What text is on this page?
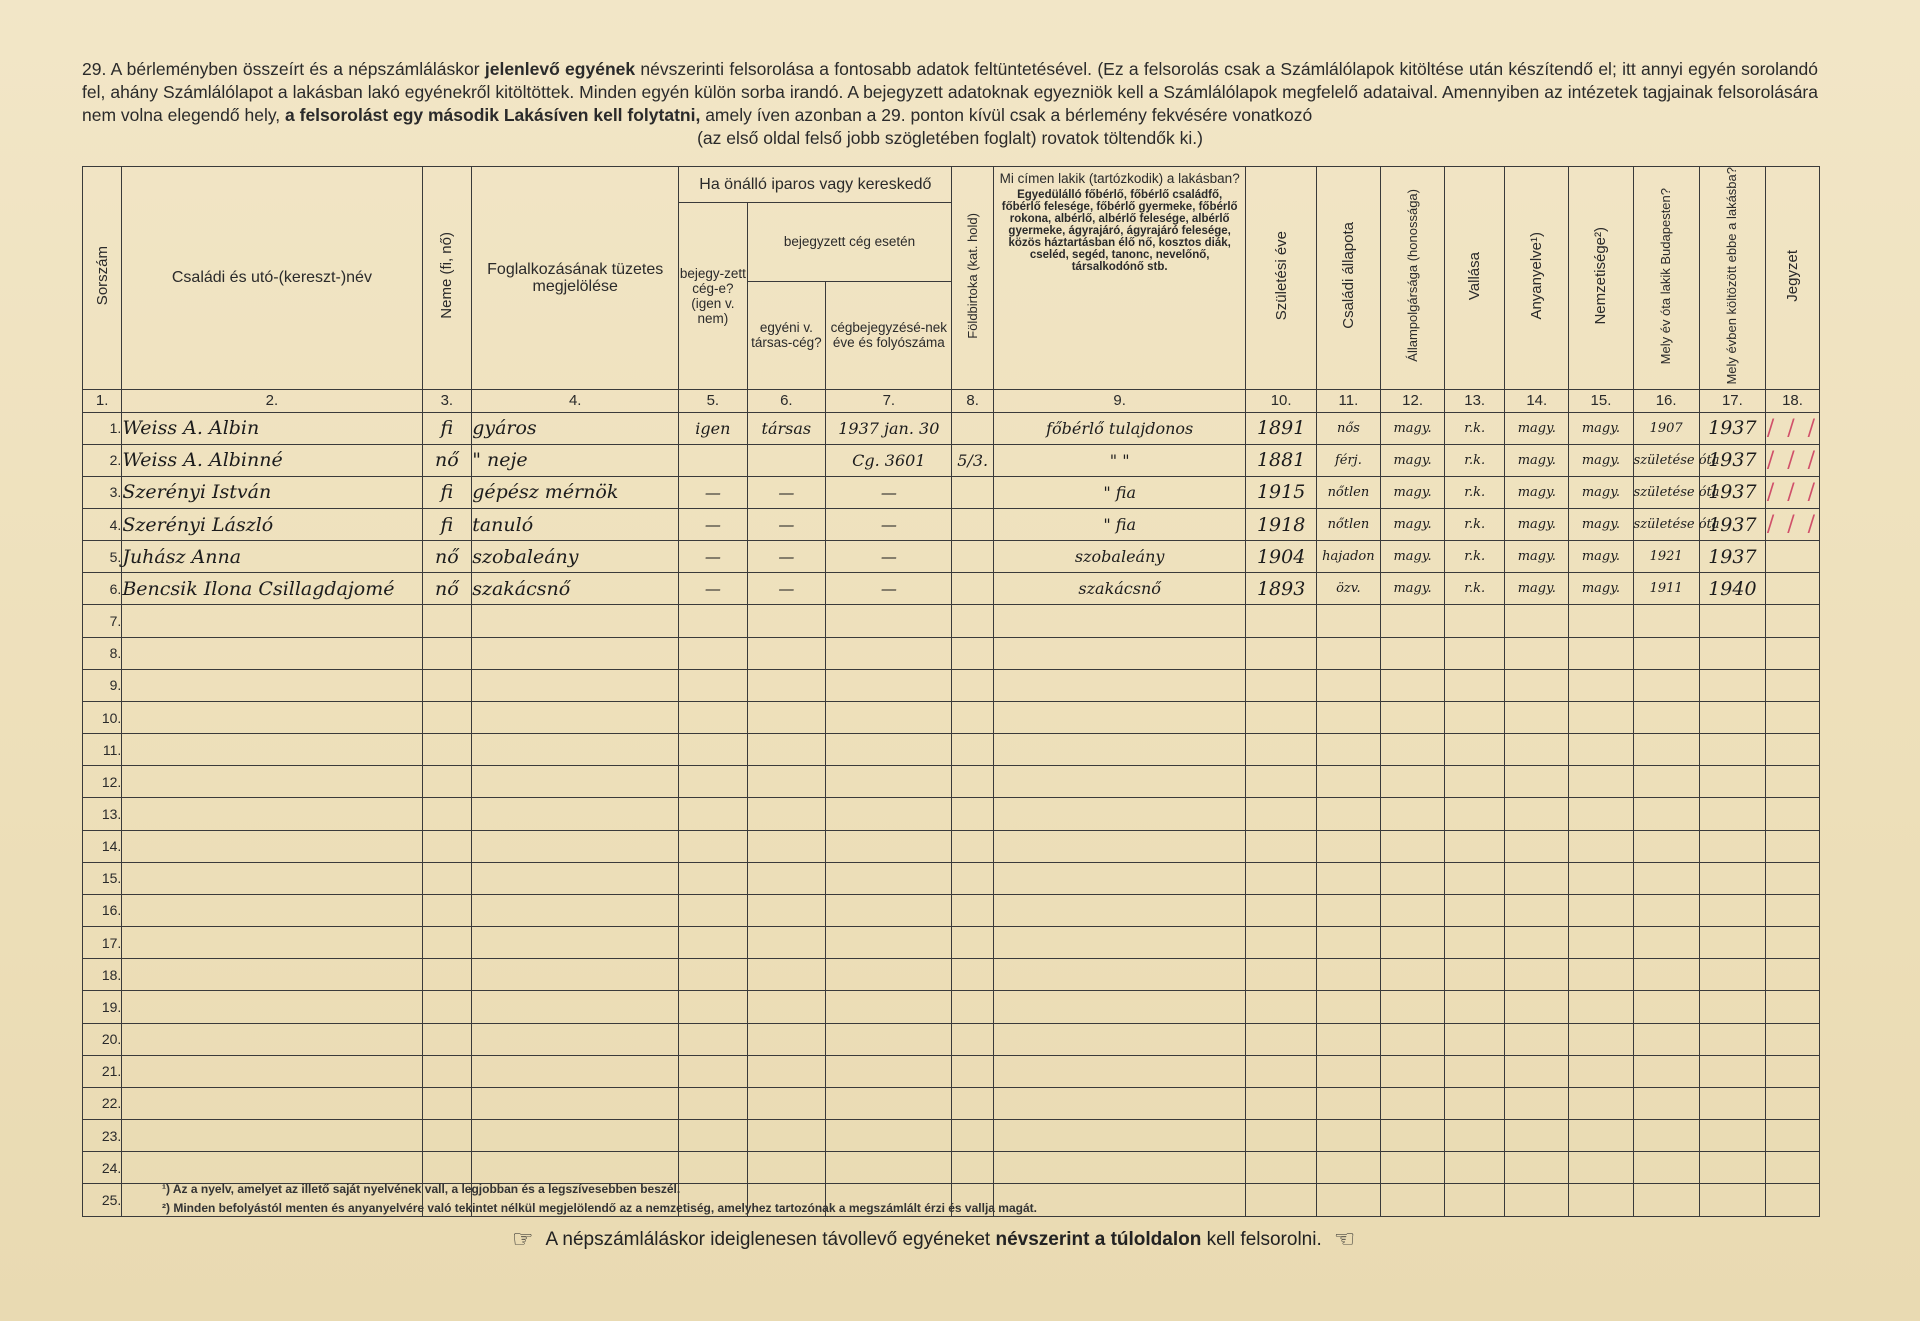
29. A bérleményben összeírt és a népszámláláskor jelenlevő egyének névszerinti felsorolása a fontosabb adatok feltüntetésével. (Ez a felsorolás csak a Számlálólapok kitöltése után készítendő el; itt annyi egyén sorolandó fel, ahány Számlálólapot a lakásban lakó egyénekről kitöltöttek. Minden egyén külön sorba irandó. A bejegyzett adatoknak egyezniök kell a Számlálólapok megfelelő adataival. Amennyiben az intézetek tagjainak felsorolására nem volna elegendő hely, a felsorolást egy második Lakásíven kell folytatni, amely íven azonban a 29. ponton kívül csak a bérlemény fekvésére vonatkozó
(az első oldal felső jobb szögletében foglalt) rovatok töltendők ki.)
Sorszám	Családi és utó-(kereszt-)név	Neme (fi, nő)	Foglalkozásának tüzetes megjelölése	Ha önálló iparos vagy kereskedő			Földbirtoka (kat. hold)	Mi címen lakik (tartózkodik) a lakásban?
Egyedülálló főbérlő, főbérlő családfő, főbérlő felesége, főbérlő gyermeke, főbérlő rokona, albérlő, albérlő felesége, albérlő gyermeke, ágyrajáró, ágyrajáró felesége, közös háztartásban élő nő, kosztos diák, cseléd, segéd, tanonc, nevelőnő, társalkodónő stb.	Születési éve	Családi állapota	Állampolgársága (honossága)	Vallása	Anyanyelve¹)	Nemzetisége²)	Mely év óta lakik Budapesten?	Mely évben költözött ebbe a lakásba?	Jegyzet
				bejegy-zett cég-e? (igen v. nem)	bejegyzett cég esetén												
					egyéni v. társas-cég?	cégbejegyzésé-nek éve és folyószáma											
1.	2.	3.	4.	5.	6.	7.	8.	9.	10.	11.	12.	13.	14.	15.	16.	17.	18.
1.	Weiss A. Albin	fi	gyáros	igen	társas	1937 jan. 30		főbérlő tulajdonos	1891	nős	magy.	r.k.	magy.	magy.	1907	1937	/ / /
2.	Weiss A. Albinné	nő	" neje			Cg. 3601	5/3.	" "	1881	férj.	magy.	r.k.	magy.	magy.	születése óta	1937	/ / /
3.	Szerényi István	fi	gépész mérnök	—	—	—		" fia	1915	nőtlen	magy.	r.k.	magy.	magy.	születése óta	1937	/ / /
4.	Szerényi László	fi	tanuló	—	—	—		" fia	1918	nőtlen	magy.	r.k.	magy.	magy.	születése óta	1937	/ / /
5.	Juhász Anna	nő	szobaleány	—	—	—		szobaleány	1904	hajadon	magy.	r.k.	magy.	magy.	1921	1937	
6.	Bencsik Ilona Csillagdajomé	nő	szakácsnő	—	—	—		szakácsnő	1893	özv.	magy.	r.k.	magy.	magy.	1911	1940	
7.																	
8.																	
9.																	
10.																	
11.																	
12.																	
13.																	
14.																	
15.																	
16.																	
17.																	
18.																	
19.																	
20.																	
21.																	
22.																	
23.																	
24.																	
25.																	
¹) Az a nyelv, amelyet az illető saját nyelvének vall, a legjobban és a legszívesebben beszél.
²) Minden befolyástól menten és anyanyelvére való tekintet nélkül megjelölendő az a nemzetiség, amelyhez tartozónak a megszámlált érzi és vallja magát.
☞ A népszámláláskor ideiglenesen távollevő egyéneket névszerint a túloldalon kell felsorolni. ☜
